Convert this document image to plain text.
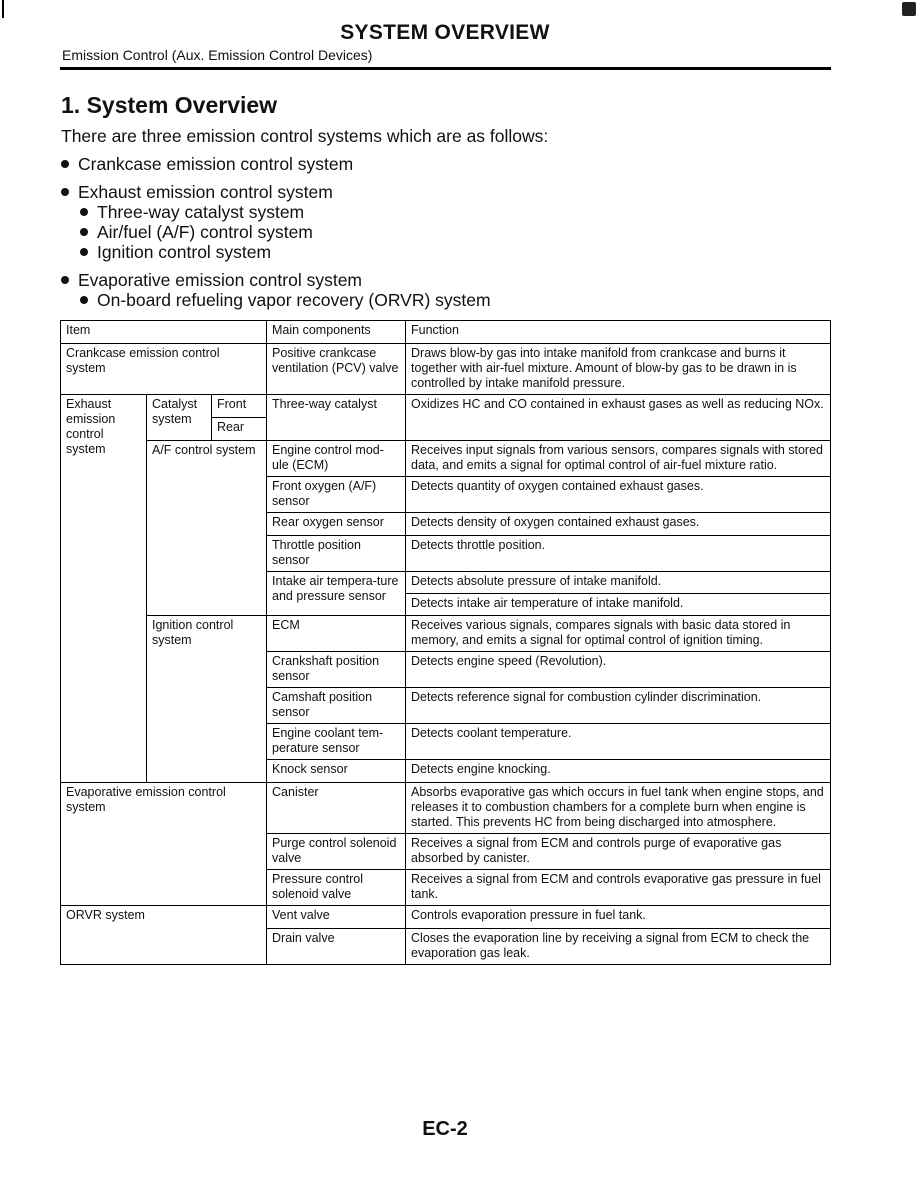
SYSTEM OVERVIEW
Emission Control (Aux. Emission Control Devices)
1. System Overview
There are three emission control systems which are as follows:
Crankcase emission control system
Exhaust emission control system
Three-way catalyst system
Air/fuel (A/F) control system
Ignition control system
Evaporative emission control system
On-board refueling vapor recovery (ORVR) system
Item			Main components	Function
Crankcase emission control system			Positive crankcase ventilation (PCV) valve	Draws blow-by gas into intake manifold from crankcase and burns it together with air-fuel mixture. Amount of blow-by gas to be drawn in is controlled by intake manifold pressure.
Exhaust emission control system	Catalyst system	Front	Three-way catalyst	Oxidizes HC and CO contained in exhaust gases as well as reducing NOx.
		Rear		
	A/F control system		Engine control mod-ule (ECM)	Receives input signals from various sensors, compares signals with stored data, and emits a signal for optimal control of air-fuel mixture ratio.
			Front oxygen (A/F) sensor	Detects quantity of oxygen contained exhaust gases.
			Rear oxygen sensor	Detects density of oxygen contained exhaust gases.
			Throttle position sensor	Detects throttle position.
			Intake air tempera-ture and pressure sensor	Detects absolute pressure of intake manifold.
				Detects intake air temperature of intake manifold.
	Ignition control system		ECM	Receives various signals, compares signals with basic data stored in memory, and emits a signal for optimal control of ignition timing.
			Crankshaft position sensor	Detects engine speed (Revolution).
			Camshaft position sensor	Detects reference signal for combustion cylinder discrimination.
			Engine coolant tem-perature sensor	Detects coolant temperature.
			Knock sensor	Detects engine knocking.
Evaporative emission control system			Canister	Absorbs evaporative gas which occurs in fuel tank when engine stops, and releases it to combustion chambers for a complete burn when engine is started. This prevents HC from being discharged into atmosphere.
			Purge control solenoid valve	Receives a signal from ECM and controls purge of evaporative gas absorbed by canister.
			Pressure control solenoid valve	Receives a signal from ECM and controls evaporative gas pressure in fuel tank.
ORVR system			Vent valve	Controls evaporation pressure in fuel tank.
			Drain valve	Closes the evaporation line by receiving a signal from ECM to check the evaporation gas leak.
EC-2
